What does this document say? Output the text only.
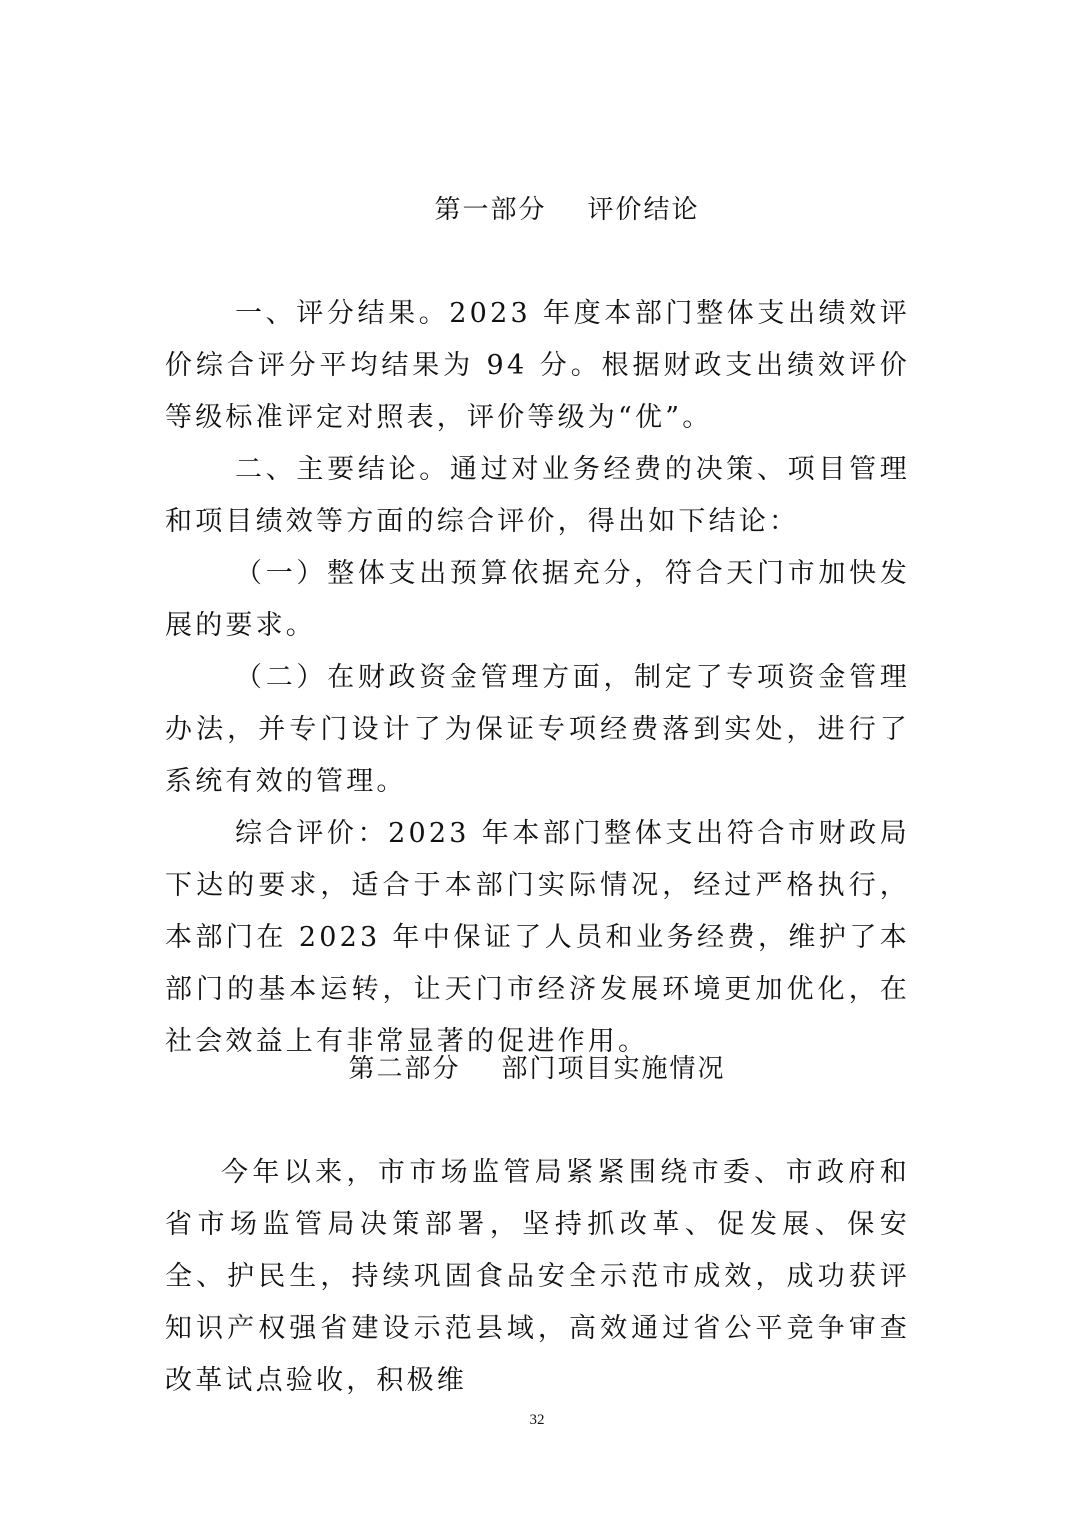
第一部分    评价结论

一、评分结果。2023 年度本部门整体支出绩效评价综合评分平均结果为 94 分。根据财政支出绩效评价等级标准评定对照表，评价等级为“优”。

二、主要结论。通过对业务经费的决策、项目管理和项目绩效等方面的综合评价，得出如下结论：

（一）整体支出预算依据充分，符合天门市加快发展的要求。

（二）在财政资金管理方面，制定了专项资金管理办法，并专门设计了为保证专项经费落到实处，进行了系统有效的管理。

综合评价：2023 年本部门整体支出符合市财政局下达的要求，适合于本部门实际情况，经过严格执行，本部门在 2023 年中保证了人员和业务经费，维护了本部门的基本运转，让天门市经济发展环境更加优化，在社会效益上有非常显著的促进作用。

第二部分    部门项目实施情况

今年以来，市市场监管局紧紧围绕市委、市政府和省市场监管局决策部署，坚持抓改革、促发展、保安全、护民生，持续巩固食品安全示范市成效，成功获评知识产权强省建设示范县域，高效通过省公平竞争审查改革试点验收，积极维

32
